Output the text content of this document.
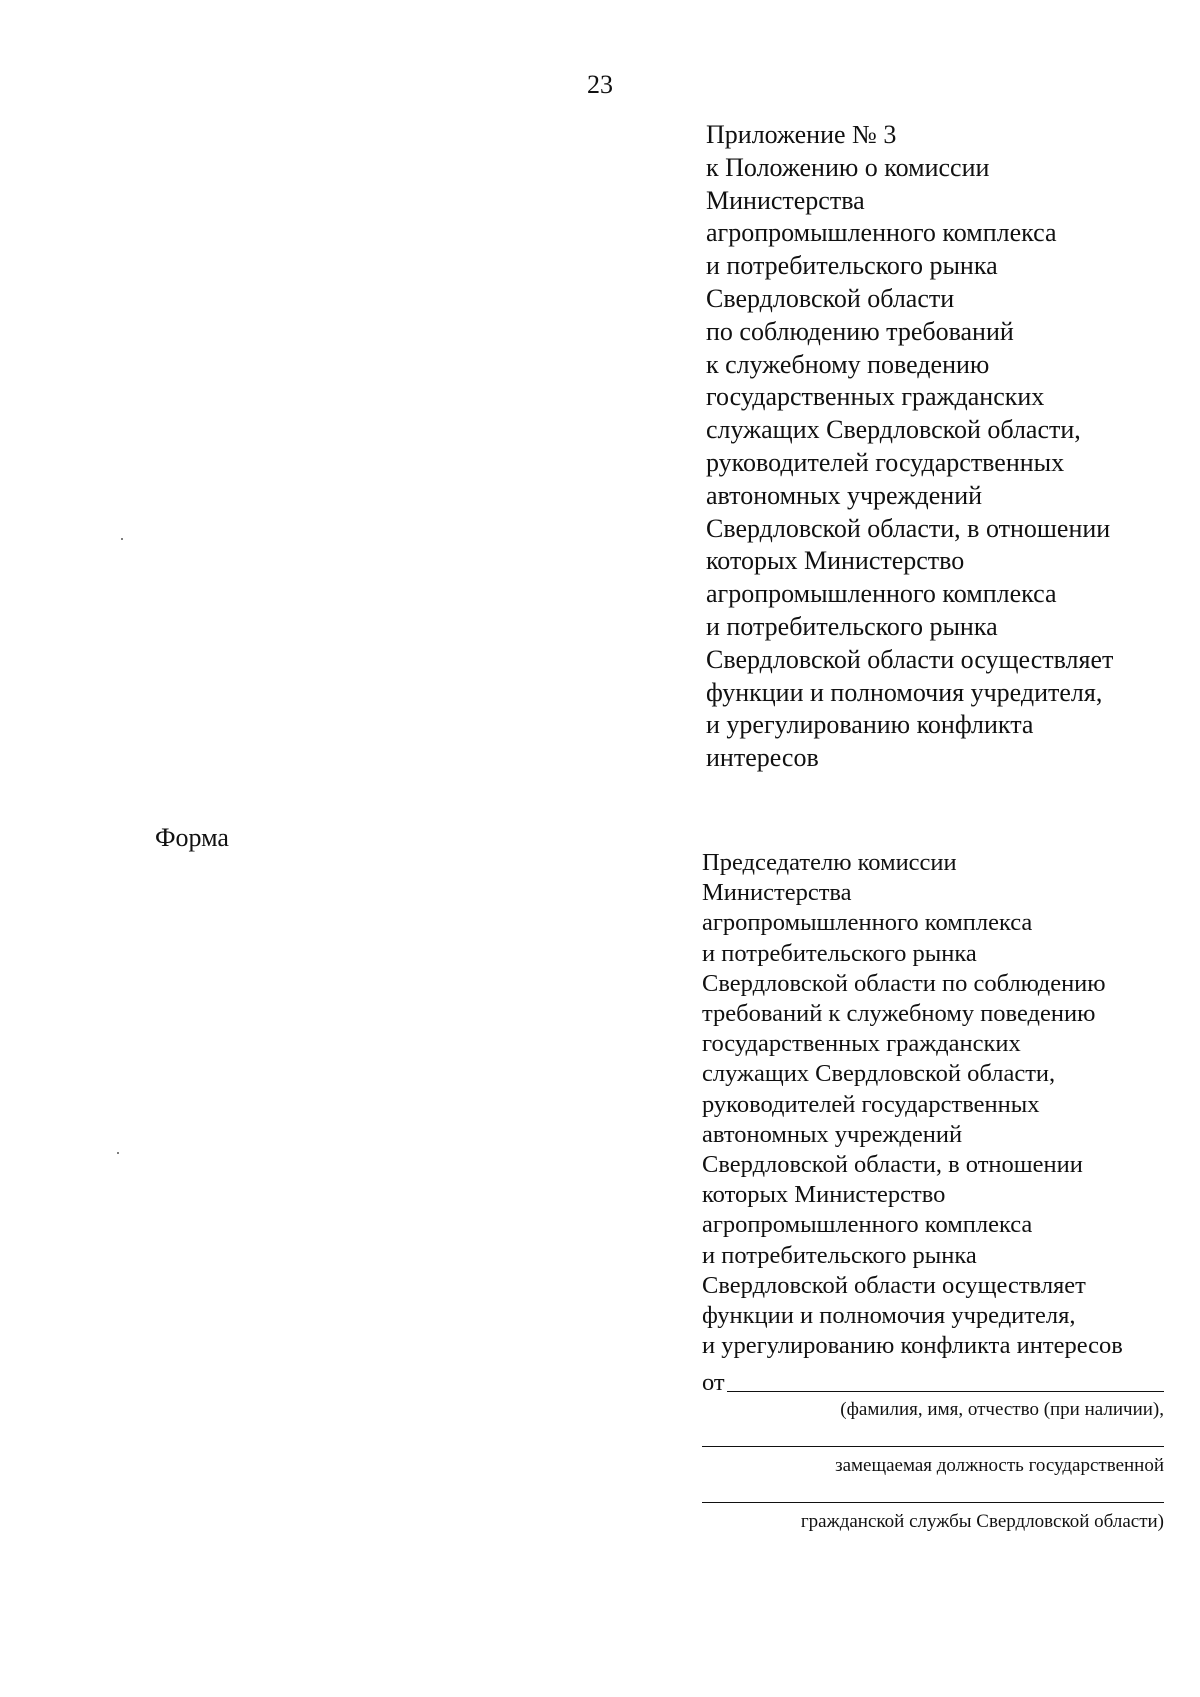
23
Приложение № 3
к Положению о комиссии
Министерства
агропромышленного комплекса
и потребительского рынка
Свердловской области
по соблюдению требований
к служебному поведению
государственных гражданских
служащих Свердловской области,
руководителей государственных
автономных учреждений
Свердловской области, в отношении
которых Министерство
агропромышленного комплекса
и потребительского рынка
Свердловской области осуществляет
функции и полномочия учредителя,
и урегулированию конфликта
интересов
Форма
Председателю комиссии
Министерства
агропромышленного комплекса
и потребительского рынка
Свердловской области по соблюдению
требований к служебному поведению
государственных гражданских
служащих Свердловской области,
руководителей государственных
автономных учреждений
Свердловской области, в отношении
которых Министерство
агропромышленного комплекса
и потребительского рынка
Свердловской области осуществляет
функции и полномочия учредителя,
и урегулированию конфликта интересов
от
(фамилия, имя, отчество (при наличии),
замещаемая должность государственной
гражданской службы Свердловской области)
